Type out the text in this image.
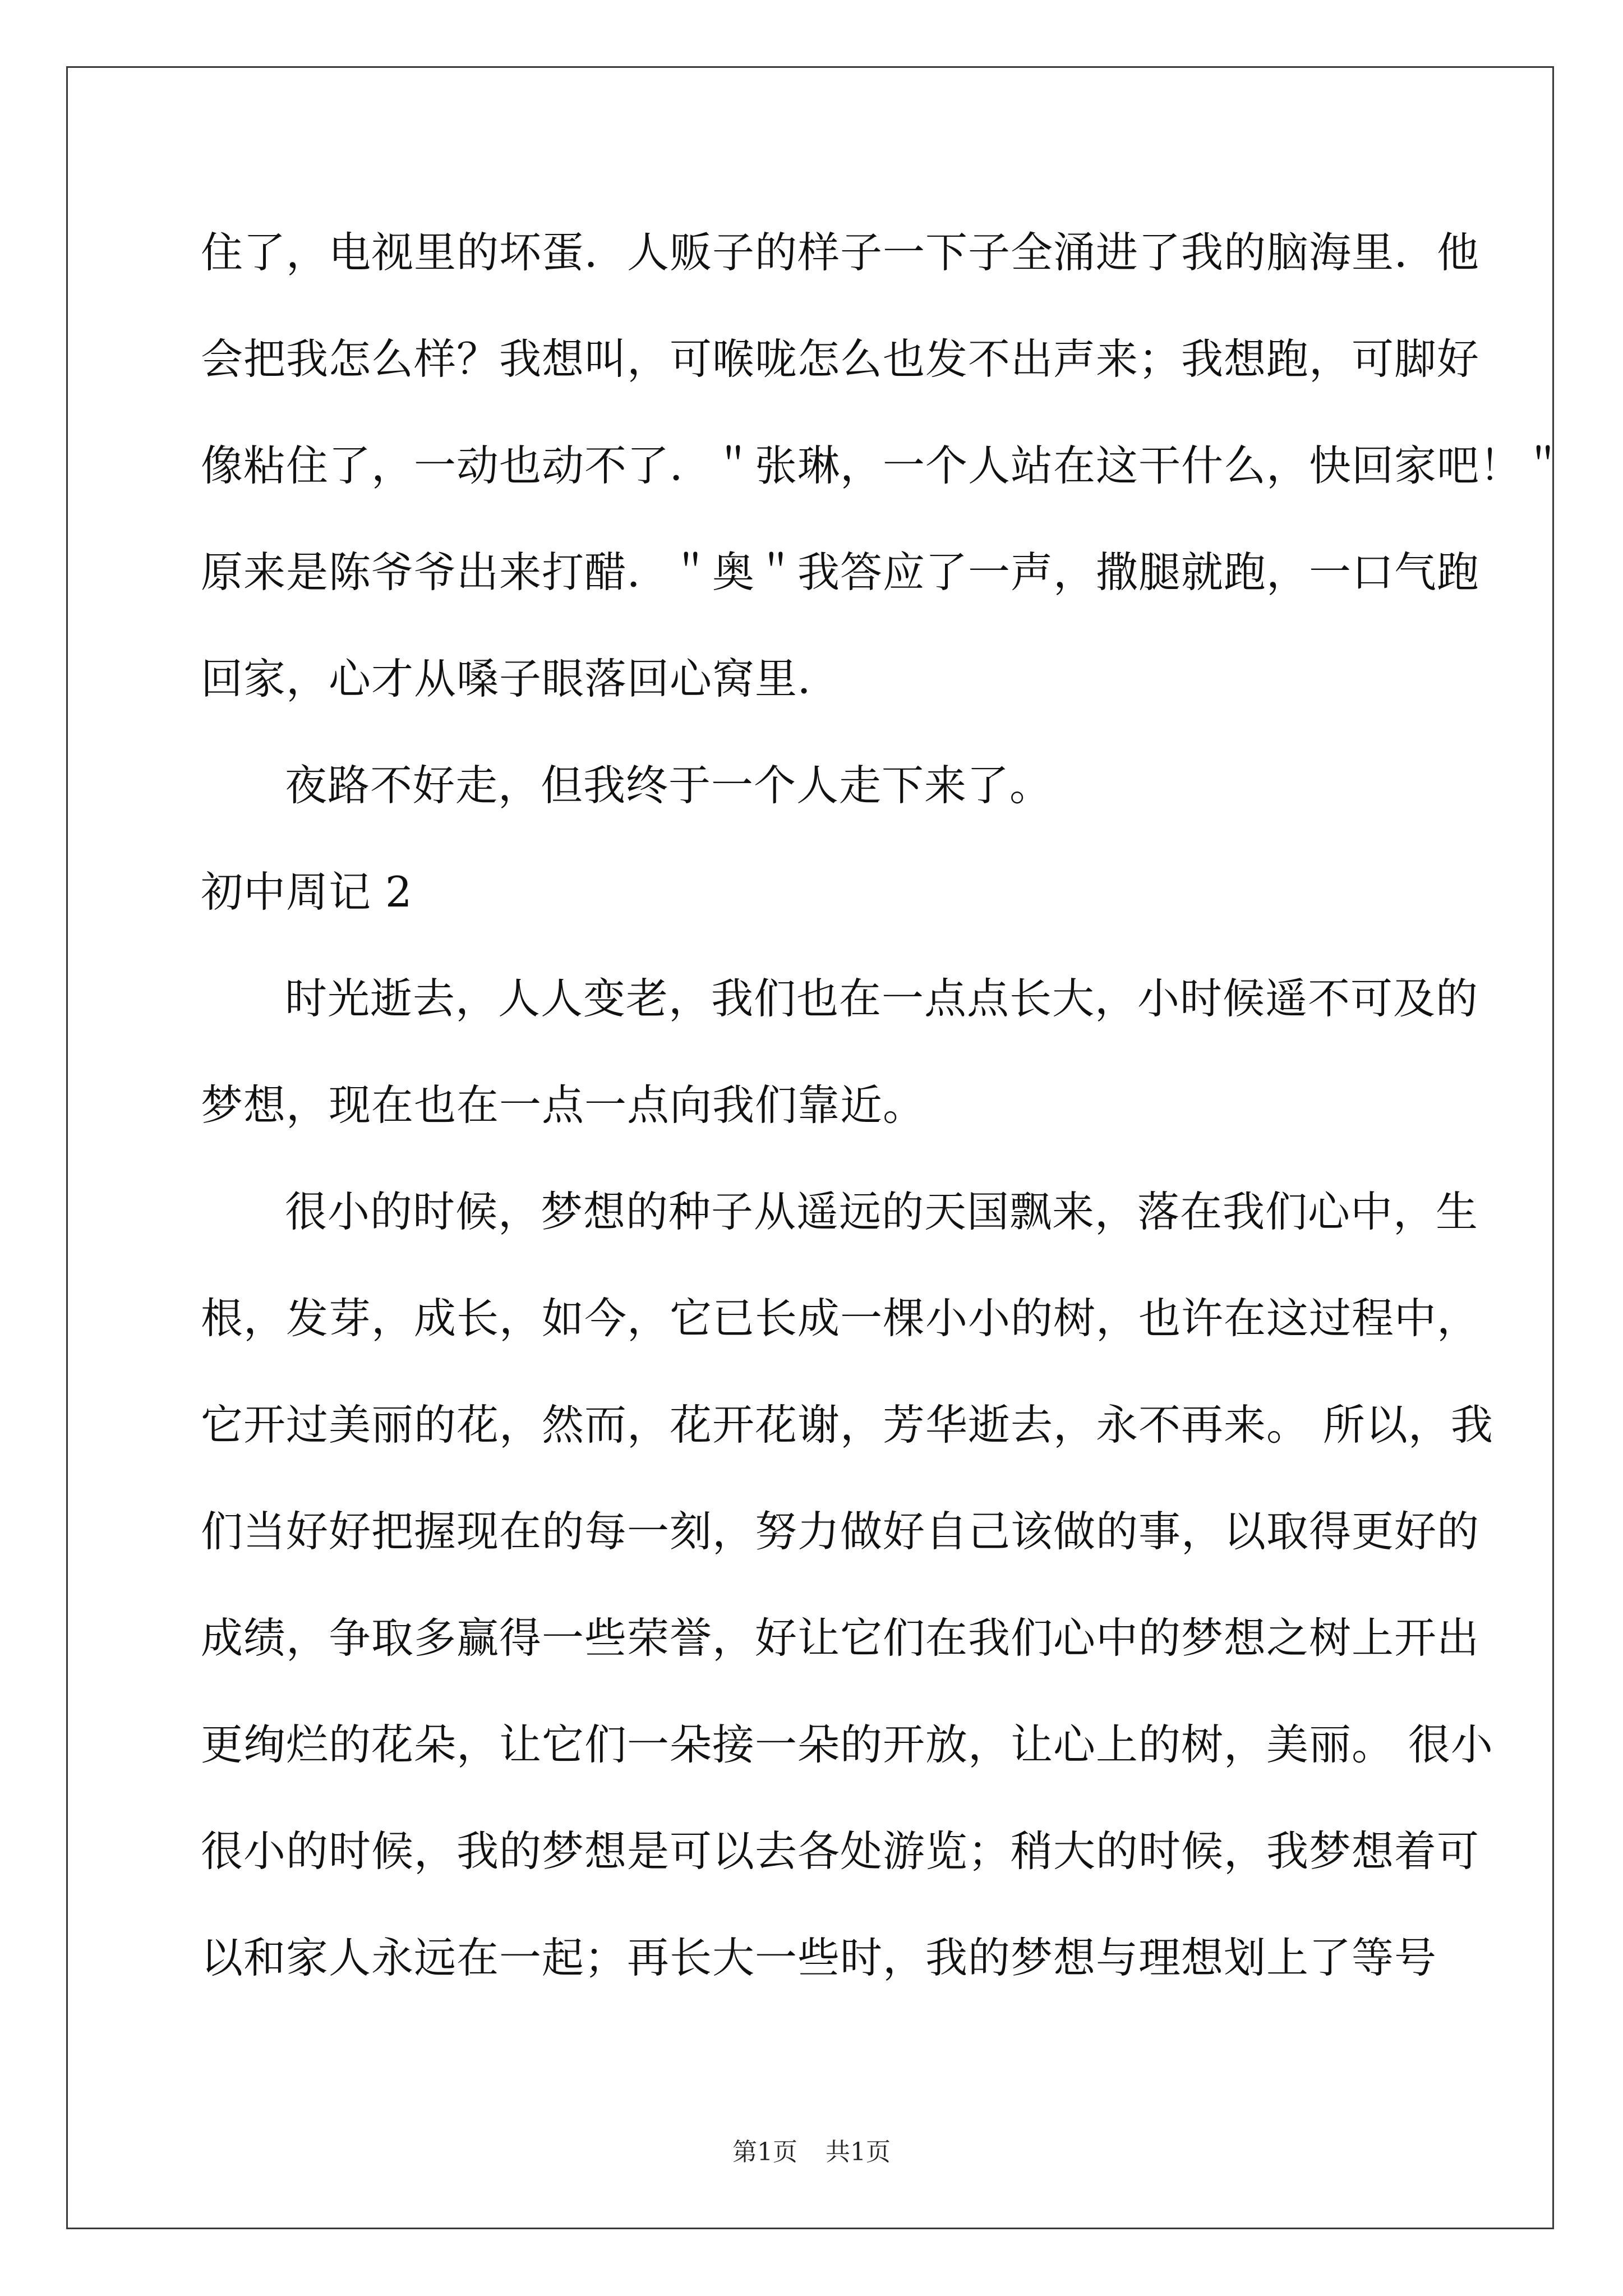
住了，电视里的坏蛋．人贩子的样子一下子全涌进了我的脑海里．他
会把我怎么样？我想叫，可喉咙怎么也发不出声来；我想跑，可脚好
像粘住了，一动也动不了．＂张琳，一个人站在这干什么，快回家吧！＂
原来是陈爷爷出来打醋．＂奥＂我答应了一声，撒腿就跑，一口气跑
回家，心才从嗓子眼落回心窝里．
夜路不好走，但我终于一个人走下来了。
初中周记 2
时光逝去，人人变老，我们也在一点点长大，小时候遥不可及的
梦想，现在也在一点一点向我们靠近。
很小的时候，梦想的种子从遥远的天国飘来，落在我们心中，生
根，发芽，成长，如今，它已长成一棵小小的树，也许在这过程中，
它开过美丽的花，然而，花开花谢，芳华逝去，永不再来。 所以，我
们当好好把握现在的每一刻，努力做好自己该做的事，以取得更好的
成绩，争取多赢得一些荣誉，好让它们在我们心中的梦想之树上开出
更绚烂的花朵，让它们一朵接一朵的开放，让心上的树，美丽。 很小
很小的时候，我的梦想是可以去各处游览；稍大的时候，我梦想着可
以和家人永远在一起；再长大一些时，我的梦想与理想划上了等号
第1页 共1页
